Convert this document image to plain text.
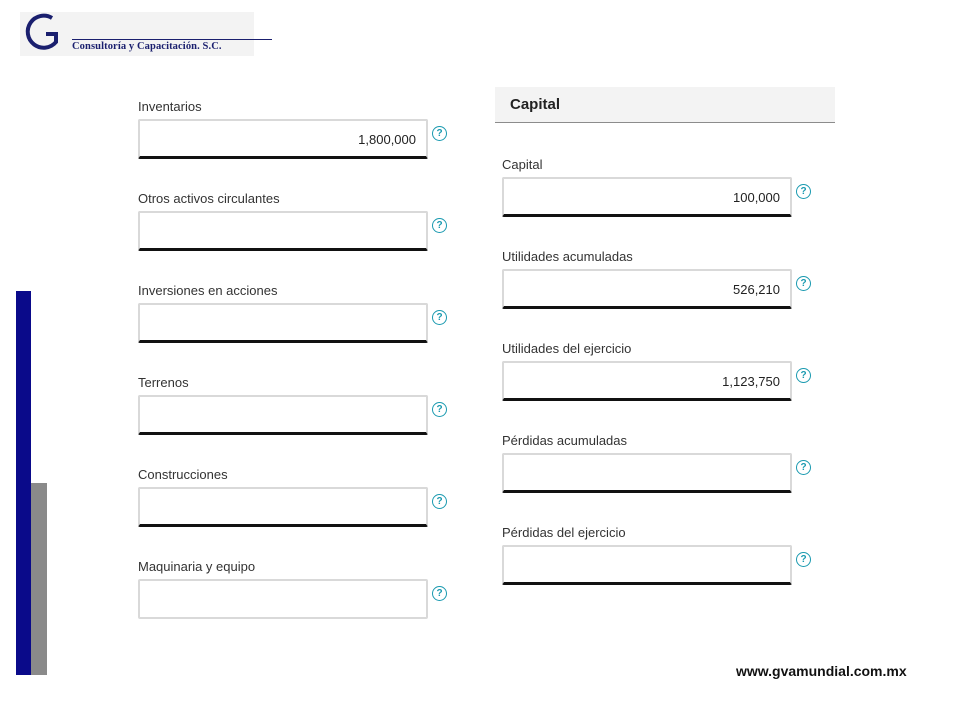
Consultoría y Capacitación. S.C.
Inventarios
1,800,000	?
Otros activos circulantes
?
Inversiones en acciones
?
Terrenos
?
Construcciones
?
Maquinaria y equipo
?
Capital
Capital
100,000	?
Utilidades acumuladas
526,210	?
Utilidades del ejercicio
1,123,750	?
Pérdidas acumuladas
?
Pérdidas del ejercicio
?
www.gvamundial.com.mx
